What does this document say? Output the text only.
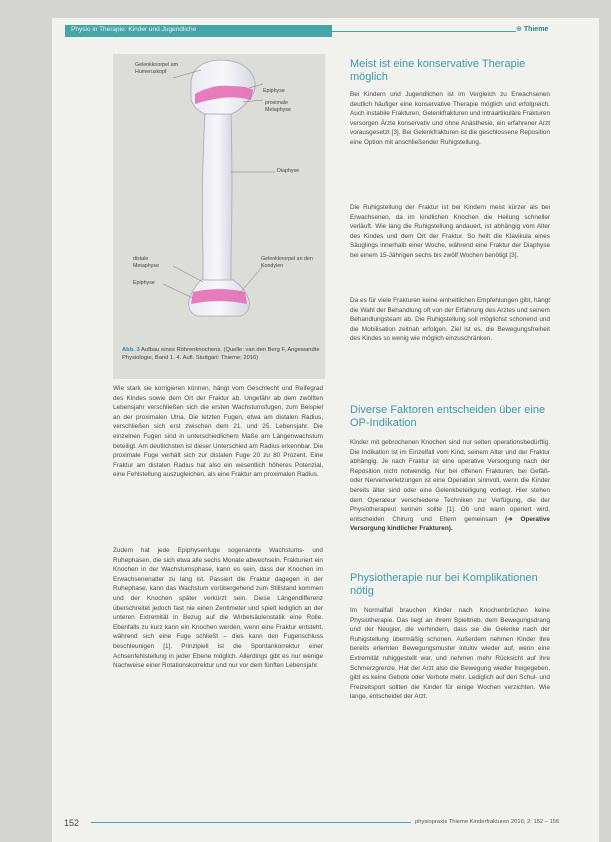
Physio in Therapie: Kinder und Jugendliche	⊕ Thieme
Gelenkknorpel am Humeruskopf
Epiphyse
proximale Metaphyse
Diaphyse
distale Metaphyse
Gelenkknorpel an den Kondylen
Epiphyse
Abb. 3 Aufbau eines Röhrenknochens. (Quelle: van den Berg F, Angewandte Physiologie, Band 1. 4. Aufl. Stuttgart: Thieme; 2016)
Wie stark sie korrigieren können, hängt vom Geschlecht und Reifegrad des Kindes sowie dem Ort der Fraktur ab. Ungefähr ab dem zwölften Lebensjahr verschließen sich die ersten Wachstumsfugen, zum Beispiel an der proximalen Ulna. Die letzten Fugen, etwa am distalen Radius, verschließen sich erst zwischen dem 21. und 25. Lebensjahr. Die einzelnen Fugen sind in unterschiedlichem Maße am Längenwachstum beteiligt. Am deutlichsten ist dieser Unterschied am Radius erkennbar. Die proximale Fuge verhält sich zur distalen Fuge 20 zu 80 Prozent. Eine Fraktur am distalen Radius hat also ein wesentlich höheres Potenzial, eine Fehlstellung auszugleichen, als eine Fraktur am proximalen Radius.
Zudem hat jede Epiphysenfuge sogenannte Wachstums- und Ruhephasen, die sich etwa alle sechs Monate abwechseln. Frakturiert ein Knochen in der Wachstumsphase, kann es sein, dass der Knochen im Erwachsenenalter zu lang ist. Passiert die Fraktur dagegen in der Ruhephase, kann das Wachstum vorübergehend zum Stillstand kommen und der Knochen später verkürzt sein. Diese Längendifferenz überschreitet jedoch fast nie einen Zentimeter und spielt lediglich an der unteren Extremität in Bezug auf die Wirbelsäulenstatik eine Rolle. Ebenfalls zu kurz kann ein Knochen werden, wenn eine Fraktur entsteht, während sich eine Fuge schließt – dies kann den Fugenschluss beschleunigen [1]. Prinzipiell ist die Spontankorrektur einer Achsenfehlstellung in jeder Ebene möglich. Allerdings gibt es nur wenige Nachweise einer Rotationskorrektur und nur vor dem fünften Lebensjahr.
Meist ist eine konservative Therapie möglich
Bei Kindern und Jugendlichen ist im Vergleich zu Erwachsenen deutlich häufiger eine konservative Therapie möglich und erfolgreich. Auch instabile Frakturen, Gelenkfrakturen und intraartikuläre Frakturen versorgen Ärzte konservativ und ohne Anästhesie, ein erfahrener Arzt vorausgesetzt [3]. Bei Gelenkfrakturen ist die geschlossene Reposition eine Option mit anschließender Ruhigstellung.
Die Ruhigstellung der Fraktur ist bei Kindern meist kürzer als bei Erwachsenen, da im kindlichen Knochen die Heilung schneller verläuft. Wie lang die Ruhigstellung andauert, ist abhängig vom Alter des Kindes und dem Ort der Fraktur. So heilt die Klavikula eines Säuglings innerhalb einer Woche, während eine Fraktur der Diaphyse bei einem 15-Jährigen sechs bis zwölf Wochen benötigt [3].
Da es für viele Frakturen keine einheitlichen Empfehlungen gibt, hängt die Wahl der Behandlung oft von der Erfahrung des Arztes und seinem Behandlungsteam ab. Die Ruhigstellung soll möglichst schonend und die Mobilisation zeitnah erfolgen. Ziel ist es, die Bewegungsfreiheit des Kindes so wenig wie möglich einzuschränken.
Diverse Faktoren entscheiden über eine OP-Indikation
Kinder mit gebrochenen Knochen sind nur selten operationsbedürftig. Die Indikation ist im Einzelfall vom Kind, seinem Alter und der Fraktur abhängig. Je nach Fraktur ist eine operative Versorgung nach der Reposition nicht notwendig. Nur bei offenen Frakturen, bei Gefäß- oder Nervenverletzungen ist eine Operation sinnvoll, wenn die Kinder bereits älter sind oder eine Gelenkbeteiligung vorliegt. Hier stehen dem Operateur verschiedene Techniken zur Verfügung, die der Physiotherapeut kennen sollte [1]. Ob und wann operiert wird, entscheiden Chirurg und Eltern gemeinsam (➔ Operative Versorgung kindlicher Frakturen).
Physiotherapie nur bei Komplikationen nötig
Im Normalfall brauchen Kinder nach Knochenbrüchen keine Physiotherapie. Das liegt an ihrem Spieltrieb, dem Bewegungsdrang und der Neugier, die verhindern, dass sie die Gelenke nach der Ruhigstellung übermäßig schonen. Außerdem nehmen Kinder ihre bereits erlernten Bewegungsmuster intuitiv wieder auf, wenn eine Extremität ruhiggestellt war, und nehmen mehr Rücksicht auf ihre Schmerzgrenze. Hat der Arzt also die Bewegung wieder freigegeben, gibt es keine Gebote oder Verbote mehr. Lediglich auf den Schul- und Freizeitsport sollten die Kinder für einige Wochen verzichten. Wie lange, entscheidet der Arzt.
152	physiopraxis Thieme Kinderfrakturen 2016; 2: 152 – 156
